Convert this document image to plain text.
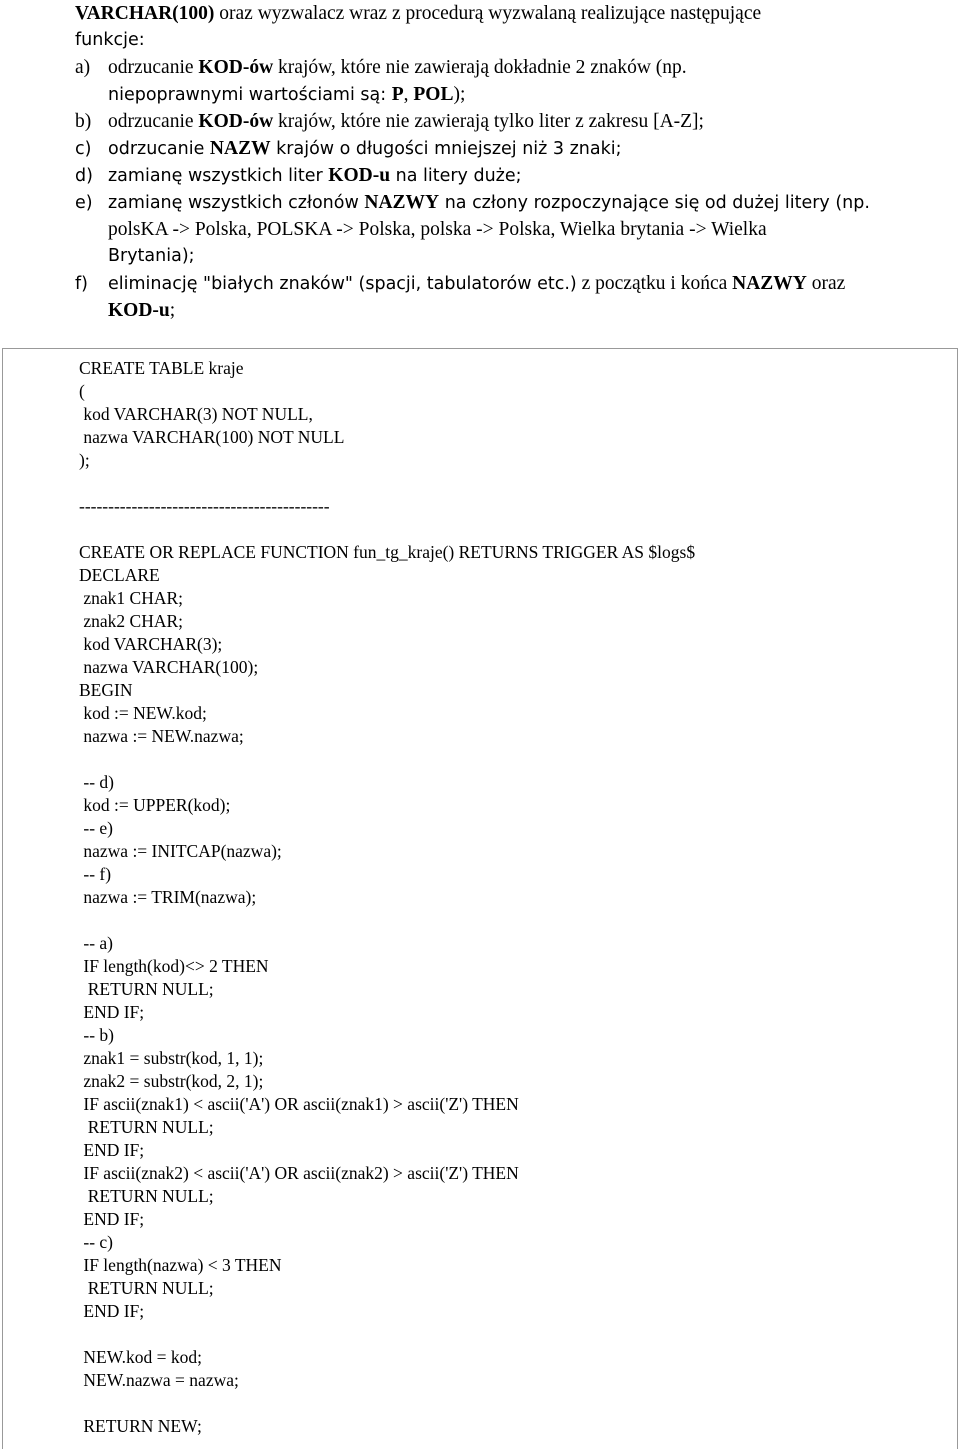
VARCHAR(100) oraz wyzwalacz wraz z procedurą wyzwalaną realizujące następujące
funkcje:
a) odrzucanie KOD-ów krajów, które nie zawierają dokładnie 2 znaków (np.
niepoprawnymi wartościami są: P, POL);
b) odrzucanie KOD-ów krajów, które nie zawierają tylko liter z zakresu [A-Z];
c) odrzucanie NAZW krajów o długości mniejszej niż 3 znaki;
d) zamianę wszystkich liter KOD-u na litery duże;
e) zamianę wszystkich członów NAZWY na człony rozpoczynające się od dużej litery (np.
polsKA -> Polska, POLSKA -> Polska, polska -> Polska, Wielka brytania -> Wielka
Brytania);
f) eliminację "białych znaków" (spacji, tabulatorów etc.) z początku i końca NAZWY oraz
KOD-u;
CREATE TABLE kraje
(
kod VARCHAR(3) NOT NULL,
nazwa VARCHAR(100) NOT NULL
);
-------------------------------------------
CREATE OR REPLACE FUNCTION fun_tg_kraje() RETURNS TRIGGER AS $logs$
DECLARE
znak1 CHAR;
znak2 CHAR;
kod VARCHAR(3);
nazwa VARCHAR(100);
BEGIN
kod := NEW.kod;
nazwa := NEW.nazwa;
-- d)
kod := UPPER(kod);
-- e)
nazwa := INITCAP(nazwa);
-- f)
nazwa := TRIM(nazwa);
-- a)
IF length(kod)<> 2 THEN
RETURN NULL;
END IF;
-- b)
znak1 = substr(kod, 1, 1);
znak2 = substr(kod, 2, 1);
IF ascii(znak1) < ascii('A') OR ascii(znak1) > ascii('Z') THEN
RETURN NULL;
END IF;
IF ascii(znak2) < ascii('A') OR ascii(znak2) > ascii('Z') THEN
RETURN NULL;
END IF;
-- c)
IF length(nazwa) < 3 THEN
RETURN NULL;
END IF;
NEW.kod = kod;
NEW.nazwa = nazwa;
RETURN NEW;
